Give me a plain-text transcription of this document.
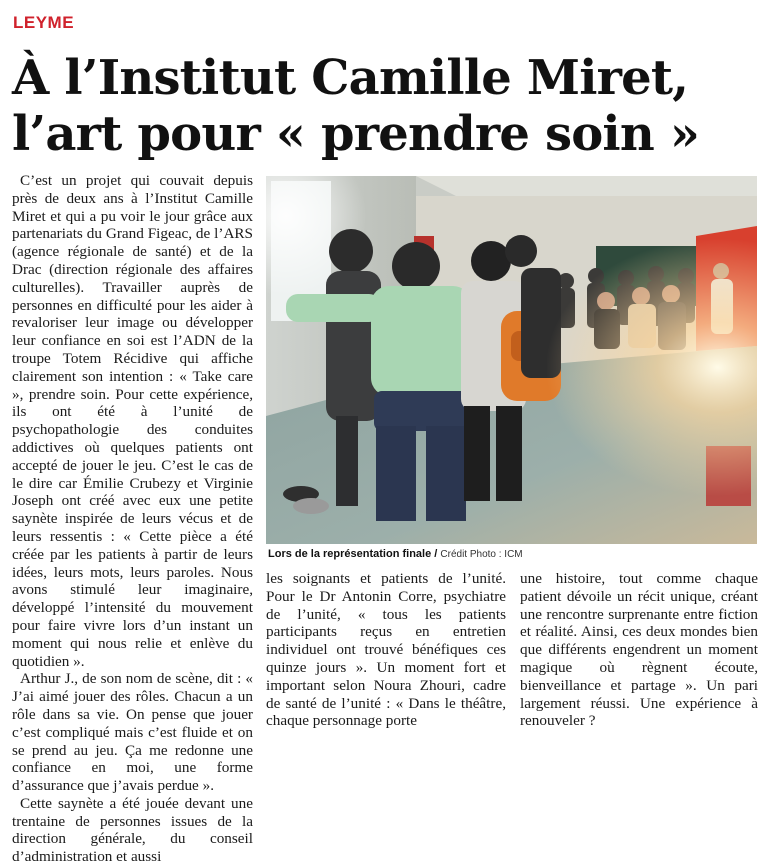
LEYME
À l’Institut Camille Miret, l’art pour « prendre soin »

C’est un projet qui couvait depuis près de deux ans à l’Institut Camille Miret et qui a pu voir le jour grâce aux partenariats du Grand Figeac, de l’ARS (agence régionale de santé) et de la Drac (direction régionale des affaires culturelles). Travailler auprès de personnes en difficulté pour les aider à revaloriser leur image ou développer leur confiance en soi est l’ADN de la troupe Totem Récidive qui affiche clairement son intention : « Take care », prendre soin. Pour cette expérience, ils ont été à l’unité de psychopathologie des conduites addictives où quelques patients ont accepté de jouer le jeu. C’est le cas de le dire car Émilie Crubezy et Virginie Joseph ont créé avec eux une petite saynète inspirée de leurs vécus et de leurs ressentis : « Cette pièce a été créée par les patients à partir de leurs idées, leurs mots, leurs paroles. Nous avons stimulé leur imaginaire, développé l’intensité du mouvement pour faire vivre lors d’un instant un moment qui nous relie et enlève du quotidien ».

Arthur J., de son nom de scène, dit : « J’ai aimé jouer des rôles. Chacun a un rôle dans sa vie. On pense que jouer c’est compliqué mais c’est fluide et on se prend au jeu. Ça me redonne une confiance en moi, une forme d’assurance que j’avais perdue ».

Cette saynète a été jouée devant une trentaine de personnes issues de la direction générale, du conseil d’administration et aussi

Lors de la représentation finale / Crédit Photo : ICM

les soignants et patients de l’unité. Pour le Dr Antonin Corre, psychiatre de l’unité, « tous les patients participants reçus en entretien individuel ont trouvé bénéfiques ces quinze jours ». Un moment fort et important selon Noura Zhouri, cadre de santé de l’unité : « Dans le théâtre, chaque personnage porte

une histoire, tout comme chaque patient dévoile un récit unique, créant une rencontre surprenante entre fiction et réalité. Ainsi, ces deux mondes bien que différents engendrent un moment magique où règnent écoute, bienveillance et partage ». Un pari largement réussi. Une expérience à renouveler ?
